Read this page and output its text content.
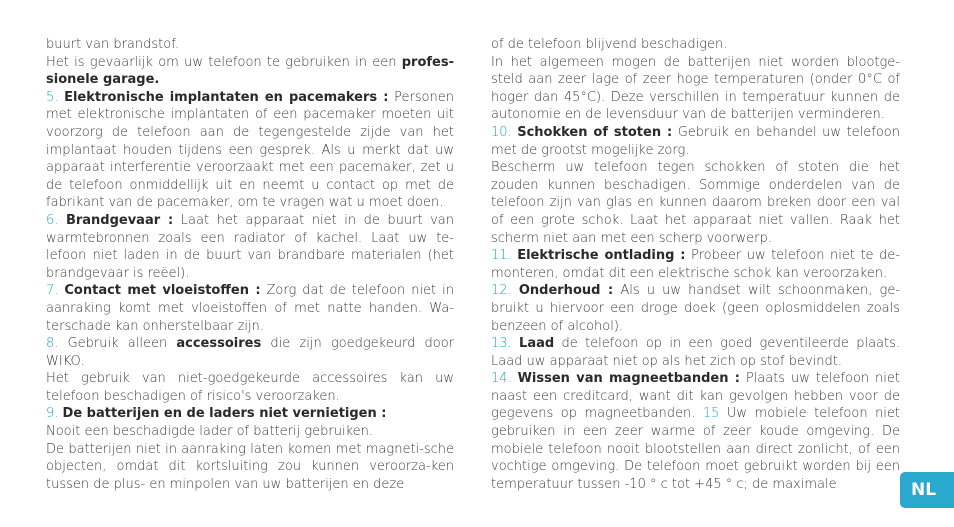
buurt van brandstof.

Het is gevaarlijk om uw telefoon te gebruiken in een profes-sionele garage.

5. Elektronische implantaten en pacemakers : Personen met elektronische implantaten of een pacemaker moeten uit voorzorg de telefoon aan de tegengestelde zijde van het implantaat houden tijdens een gesprek. Als u merkt dat uw apparaat interferentie veroorzaakt met een pacemaker, zet u de telefoon onmiddellijk uit en neemt u contact op met de fabrikant van de pacemaker, om te vragen wat u moet doen.

6. Brandgevaar : Laat het apparaat niet in de buurt van warmtebronnen zoals een radiator of kachel. Laat uw te-lefoon niet laden in de buurt van brandbare materialen (het brandgevaar is reëel).

7. Contact met vloeistoffen : Zorg dat de telefoon niet in aanraking komt met vloeistoffen of met natte handen. Wa-terschade kan onherstelbaar zijn.

8. Gebruik alleen accessoires die zijn goedgekeurd door WIKO.

Het gebruik van niet-goedgekeurde accessoires kan uw telefoon beschadigen of risico's veroorzaken.

9. De batterijen en de laders niet vernietigen :

Nooit een beschadigde lader of batterij gebruiken.

De batterijen niet in aanraking laten komen met magneti-sche objecten, omdat dit kortsluiting zou kunnen veroorza-ken tussen de plus- en minpolen van uw batterijen en deze

of de telefoon blijvend beschadigen.

In het algemeen mogen de batterijen niet worden blootge-steld aan zeer lage of zeer hoge temperaturen (onder 0°C of hoger dan 45°C). Deze verschillen in temperatuur kunnen de autonomie en de levensduur van de batterijen verminderen.

10. Schokken of stoten : Gebruik en behandel uw telefoon met de grootst mogelijke zorg.

Bescherm uw telefoon tegen schokken of stoten die het zouden kunnen beschadigen. Sommige onderdelen van de telefoon zijn van glas en kunnen daarom breken door een val of een grote schok. Laat het apparaat niet vallen. Raak het scherm niet aan met een scherp voorwerp.

11. Elektrische ontlading : Probeer uw telefoon niet te de-monteren, omdat dit een elektrische schok kan veroorzaken.

12. Onderhoud : Als u uw handset wilt schoonmaken, ge-bruikt u hiervoor een droge doek (geen oplosmiddelen zoals benzeen of alcohol).

13. Laad de telefoon op in een goed geventileerde plaats. Laad uw apparaat niet op als het zich op stof bevindt.

14. Wissen van magneetbanden : Plaats uw telefoon niet naast een creditcard, want dit kan gevolgen hebben voor de gegevens op magneetbanden. 15 Uw mobiele telefoon niet gebruiken in een zeer warme of zeer koude omgeving. De mobiele telefoon nooit blootstellen aan direct zonlicht, of een vochtige omgeving. De telefoon moet gebruikt worden bij een temperatuur tussen -10 ° c tot +45 ° c; de maximale	NL
